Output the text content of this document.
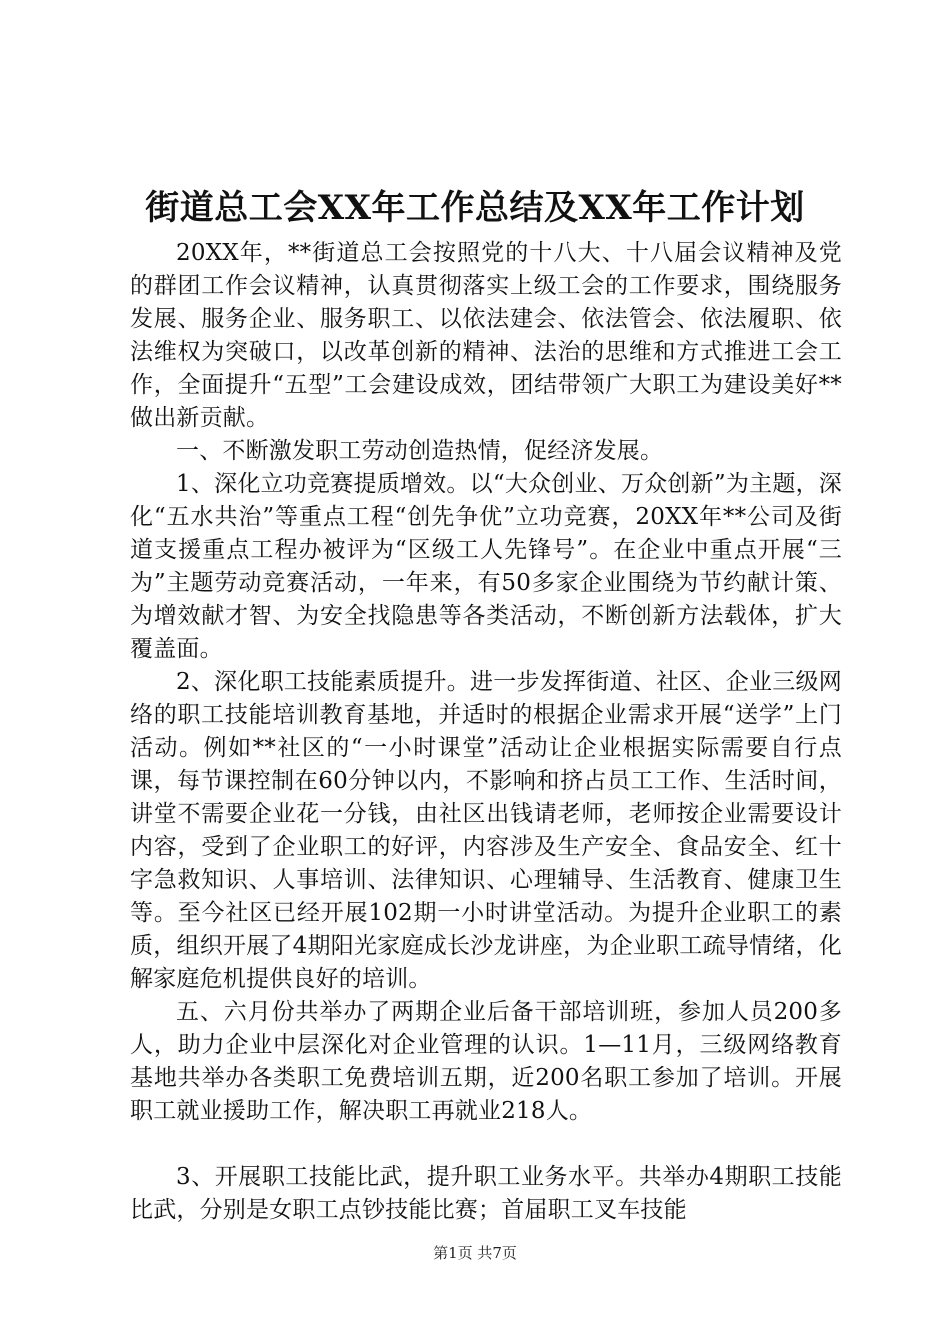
街道总工会XX年工作总结及XX年工作计划

20XX年，**街道总工会按照党的十八大、十八届会议精神及党的群团工作会议精神，认真贯彻落实上级工会的工作要求，围绕服务发展、服务企业、服务职工、以依法建会、依法管会、依法履职、依法维权为突破口，以改革创新的精神、法治的思维和方式推进工会工作，全面提升“五型”工会建设成效，团结带领广大职工为建设美好**做出新贡献。

一、不断激发职工劳动创造热情，促经济发展。

1、深化立功竞赛提质增效。以“大众创业、万众创新”为主题，深化“五水共治”等重点工程“创先争优”立功竞赛，20XX年**公司及街道支援重点工程办被评为“区级工人先锋号”。在企业中重点开展“三为”主题劳动竞赛活动，一年来，有50多家企业围绕为节约献计策、为增效献才智、为安全找隐患等各类活动，不断创新方法载体，扩大覆盖面。

2、深化职工技能素质提升。进一步发挥街道、社区、企业三级网络的职工技能培训教育基地，并适时的根据企业需求开展“送学”上门活动。例如**社区的“一小时课堂”活动让企业根据实际需要自行点课，每节课控制在60分钟以内，不影响和挤占员工工作、生活时间，讲堂不需要企业花一分钱，由社区出钱请老师，老师按企业需要设计内容，受到了企业职工的好评，内容涉及生产安全、食品安全、红十字急救知识、人事培训、法律知识、心理辅导、生活教育、健康卫生等。至今社区已经开展102期一小时讲堂活动。为提升企业职工的素质，组织开展了4期阳光家庭成长沙龙讲座，为企业职工疏导情绪，化解家庭危机提供良好的培训。

五、六月份共举办了两期企业后备干部培训班，参加人员200多人，助力企业中层深化对企业管理的认识。1—11月，三级网络教育基地共举办各类职工免费培训五期，近200名职工参加了培训。开展职工就业援助工作，解决职工再就业218人。

3、开展职工技能比武，提升职工业务水平。共举办4期职工技能比武，分别是女职工点钞技能比赛；首届职工叉车技能

第1页 共7页
